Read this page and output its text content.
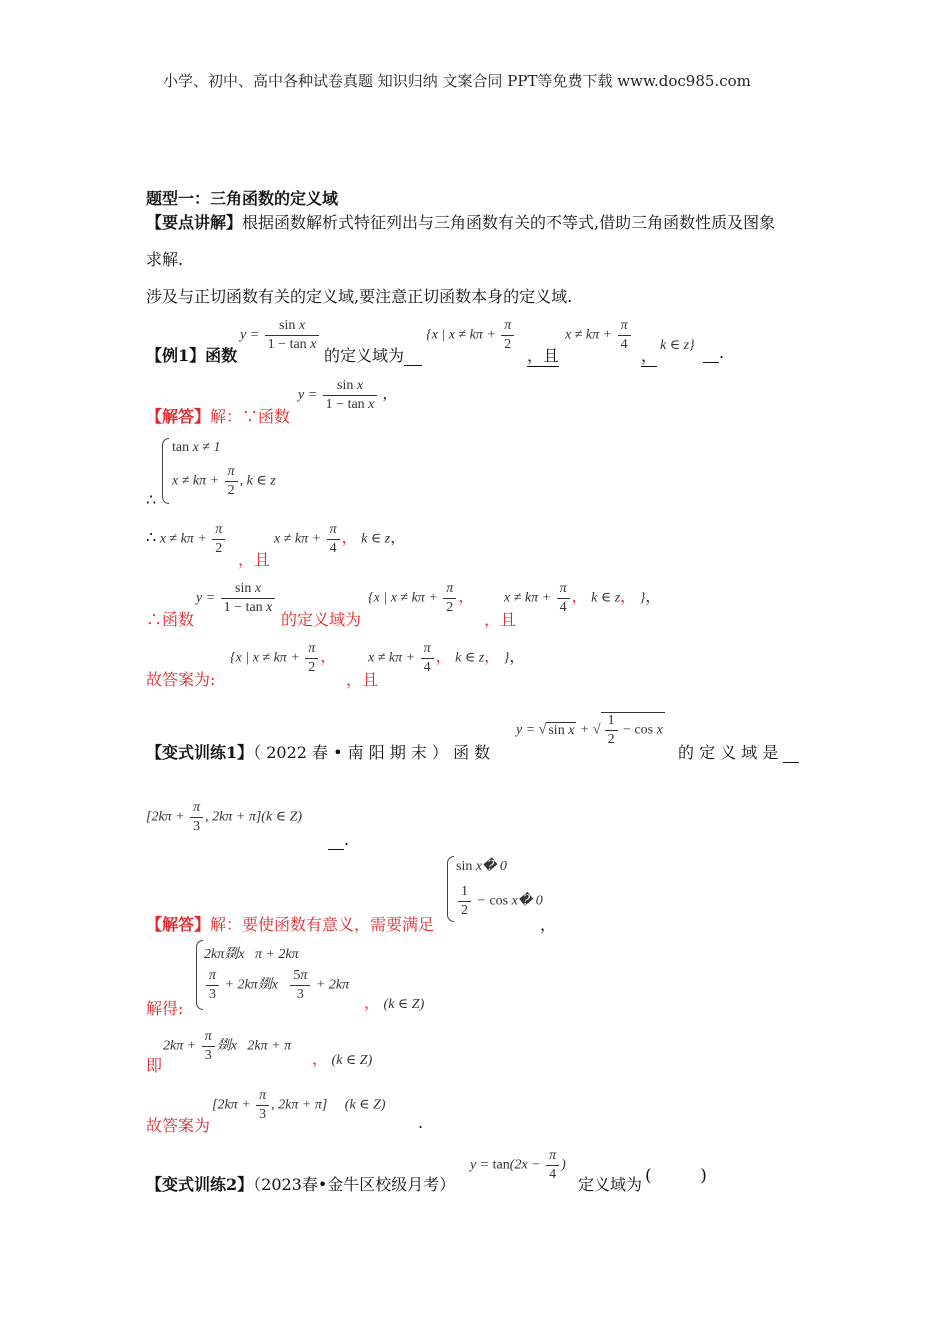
小学、初中、高中各种试卷真题 知识归纳 文案合同 PPT等免费下载 www.doc985.com
题型一：三角函数的定义域
【要点讲解】根据函数解析式特征列出与三角函数有关的不等式,借助三角函数性质及图象
求解.
涉及与正切函数有关的定义域,要注意正切函数本身的定义域.
【例1】函数
$y = \frac{\text{sin x}}{\text{1 − tan x}}$
的定义域为
{x | $x \ne k\pi + \frac{\pi}{2}$
，且
$x \ne k\pi + \frac{\pi}{4}$
，
k ∈ z}	.
【解答】解：∵函数
$y = \frac{\text{sin x}}{\text{1 − tan x}}$ ,
tan x ≠ 1
$x \ne k\pi + \frac{\pi}{2}$ , k ∈ z
∴
∴ $x \ne k\pi + \frac{\pi}{2}$
，且
$x \ne k\pi + \frac{\pi}{4}$ ， k ∈ z，
∴函数
$y = \frac{\text{sin x}}{\text{1 − tan x}}$
的定义域为
{x | $x \ne k\pi + \frac{\pi}{2}$ ，
，且
$x \ne k\pi + \frac{\pi}{4}$ ， k ∈ z， }，
故答案为:
{x | $x \ne k\pi + \frac{\pi}{2}$ ，
，且
$x \ne k\pi + \frac{\pi}{4}$ ， k ∈ z， }，
【变式训练1】（ 2022 春 • 南 阳 期 末 ） 函 数
y = √ sin x + √ $\frac{1}{2} - \cos x$
的 定 义 域 是
[$2k\pi + \frac{\pi}{3}$ , 2kπ + π](k ∈ Z)
.
sin x� 0
$\frac{1}{2} - \cos$ x� 0
【解答】解：要使函数有意义，需要满足	，
2kπ剟x π + 2kπ
$\frac{\pi}{3} + 2k\pi$剟x $\frac{5\pi}{3} + 2k\pi$
解得:	， (k ∈ Z)
$2k\pi + \frac{\pi}{3}$ 剟x   2kπ + π
即	， (k ∈ Z)
故答案为
[$2k\pi + \frac{\pi}{3}$ , 2kπ + π]     (k ∈ Z)
.
【变式训练2】（2023春•金牛区校级月考）
$y = \tan(2x - \frac{\pi}{4}$ )
定义域为 (         )
